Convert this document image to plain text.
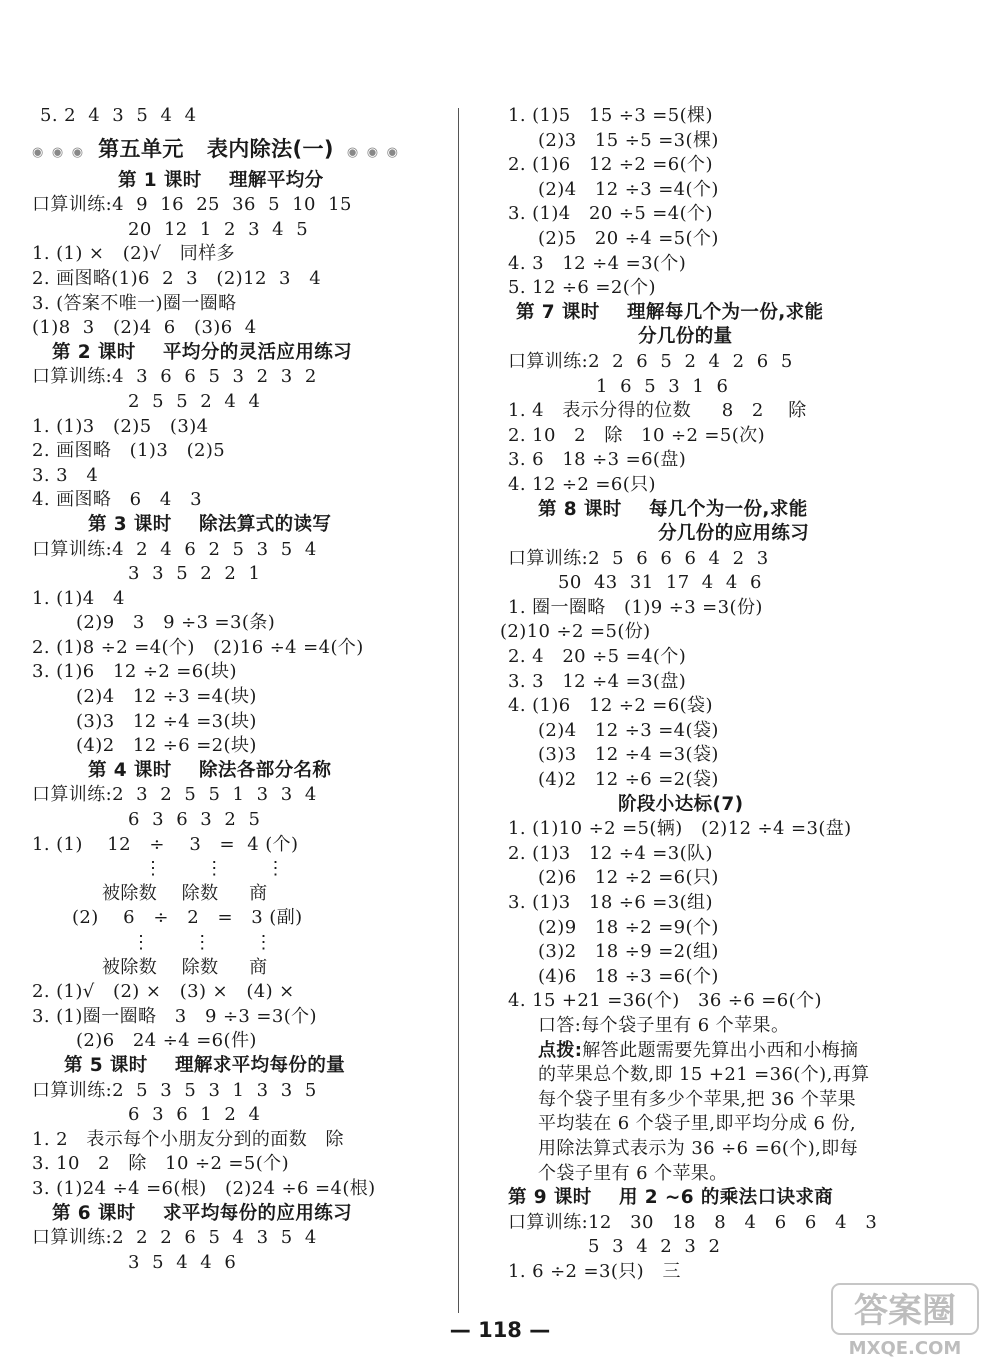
5. 2  4  3  5  4  4
◉ ◉ ◉  第五单元   表内除法(一)  ◉ ◉ ◉
第 1 课时    理解平均分
口算训练:4  9  16  25  36  5  10  15
20  12  1  2  3  4  5
1. (1) ×   (2)√   同样多
2. 画图略(1)6  2  3   (2)12  3   4
3. (答案不唯一)圈一圈略
(1)8  3   (2)4  6   (3)6  4
第 2 课时    平均分的灵活应用练习
口算训练:4  3  6  6  5  3  2  3  2
2  5  5  2  4  4
1. (1)3   (2)5   (3)4
2. 画图略   (1)3   (2)5
3. 3   4
4. 画图略   6   4   3
第 3 课时    除法算式的读写
口算训练:4  2  4  6  2  5  3  5  4
3  3  5  2  2  1
1. (1)4   4
(2)9   3   9 ÷3 =3(条)
2. (1)8 ÷2 =4(个)   (2)16 ÷4 =4(个)
3. (1)6   12 ÷2 =6(块)
(2)4   12 ÷3 =4(块)
(3)3   12 ÷4 =3(块)
(4)2   12 ÷6 =2(块)
第 4 课时    除法各部分名称
口算训练:2  3  2  5  5  1  3  3  4
6  3  6  3  2  5
1. (1)    12   ÷    3   =  4 (个)
⋮       ⋮       ⋮
被除数    除数     商
(2)    6   ÷   2   =   3 (副)
⋮       ⋮       ⋮
被除数    除数     商
2. (1)√   (2) ×   (3) ×   (4) ×
3. (1)圈一圈略   3   9 ÷3 =3(个)
(2)6   24 ÷4 =6(件)
第 5 课时    理解求平均每份的量
口算训练:2  5  3  5  3  1  3  3  5
6  3  6  1  2  4
1. 2   表示每个小朋友分到的面数   除
3. 10   2   除   10 ÷2 =5(个)
3. (1)24 ÷4 =6(根)   (2)24 ÷6 =4(根)
第 6 课时    求平均每份的应用练习
口算训练:2  2  2  6  5  4  3  5  4
3  5  4  4  6
1. (1)5   15 ÷3 =5(棵)
(2)3   15 ÷5 =3(棵)
2. (1)6   12 ÷2 =6(个)
(2)4   12 ÷3 =4(个)
3. (1)4   20 ÷5 =4(个)
(2)5   20 ÷4 =5(个)
4. 3   12 ÷4 =3(个)
5. 12 ÷6 =2(个)
第 7 课时    理解每几个为一份,求能
分几份的量
口算训练:2  2  6  5  2  4  2  6  5
1  6  5  3  1  6
1. 4   表示分得的位数     8   2    除
2. 10   2   除   10 ÷2 =5(次)
3. 6   18 ÷3 =6(盘)
4. 12 ÷2 =6(只)
第 8 课时    每几个为一份,求能
分几份的应用练习
口算训练:2  5  6  6  6  4  2  3
50  43  31  17  4  4  6
1. 圈一圈略   (1)9 ÷3 =3(份)
(2)10 ÷2 =5(份)
2. 4   20 ÷5 =4(个)
3. 3   12 ÷4 =3(盘)
4. (1)6   12 ÷2 =6(袋)
(2)4   12 ÷3 =4(袋)
(3)3   12 ÷4 =3(袋)
(4)2   12 ÷6 =2(袋)
阶段小达标(7)
1. (1)10 ÷2 =5(辆)   (2)12 ÷4 =3(盘)
2. (1)3   12 ÷4 =3(队)
(2)6   12 ÷2 =6(只)
3. (1)3   18 ÷6 =3(组)
(2)9   18 ÷2 =9(个)
(3)2   18 ÷9 =2(组)
(4)6   18 ÷3 =6(个)
4. 15 +21 =36(个)   36 ÷6 =6(个)
口答:每个袋子里有 6 个苹果。
点拨:解答此题需要先算出小西和小梅摘
的苹果总个数,即 15 +21 =36(个),再算
每个袋子里有多少个苹果,把 36 个苹果
平均装在 6 个袋子里,即平均分成 6 份,
用除法算式表示为 36 ÷6 =6(个),即每
个袋子里有 6 个苹果。
第 9 课时    用 2 ~6 的乘法口诀求商
口算训练:12   30   18   8   4   6   6   4   3
5  3  4  2  3  2
1. 6 ÷2 =3(只)   三
— 118 —	答案圈
MXQE.COM
